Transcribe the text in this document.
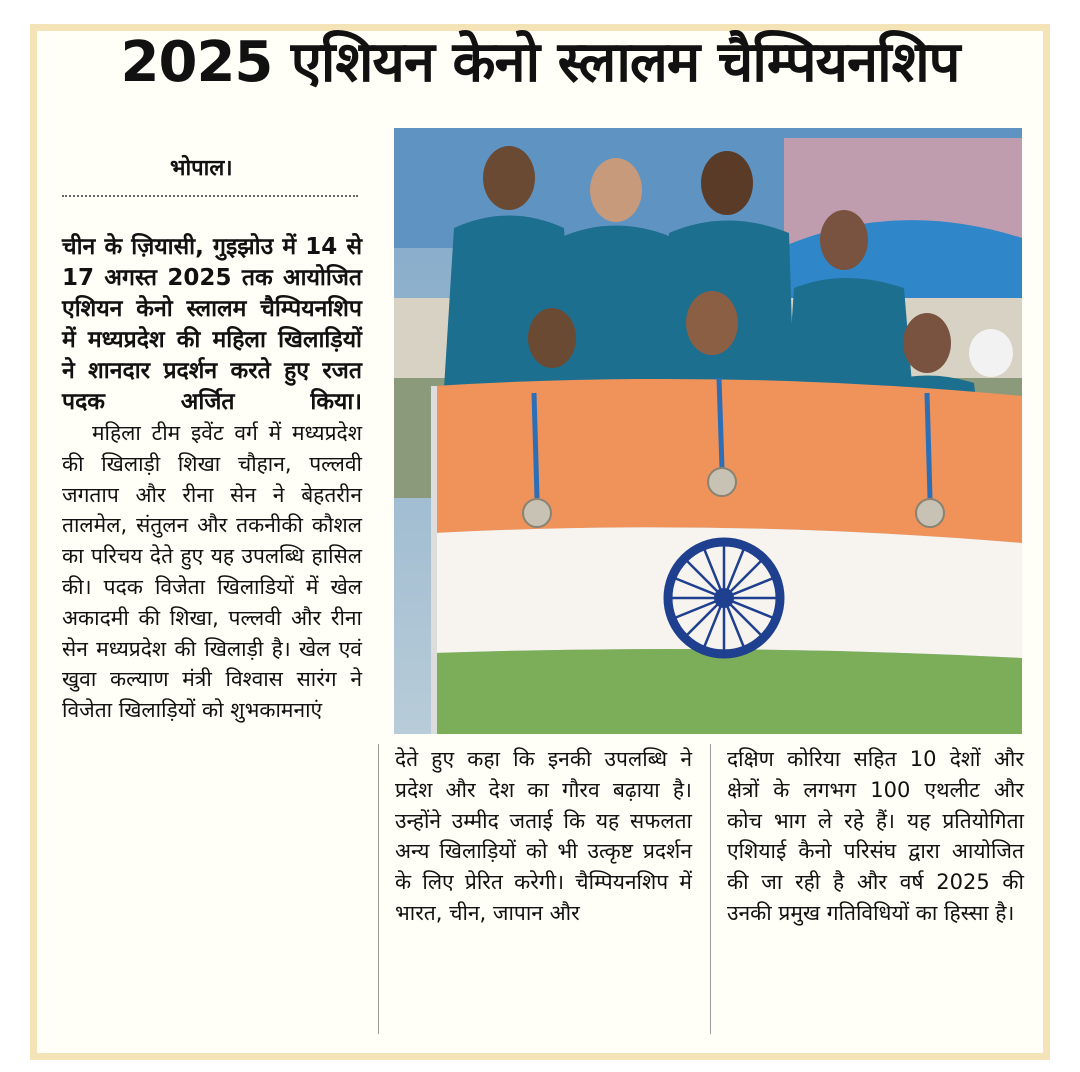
2025 एशियन केनो स्लालम चैम्पियनशिप
भोपाल।

चीन के ज़ियासी, गुइझोउ में 14 से 17 अगस्त 2025 तक आयोजित एशियन केनो स्लालम चैम्पियनशिप में मध्यप्रदेश की महिला खिलाड़ियों ने शानदार प्रदर्शन करते हुए रजत पदक अर्जित किया।

महिला टीम इवेंट वर्ग में मध्यप्रदेश की खिलाड़ी शिखा चौहान, पल्लवी जगताप और रीना सेन ने बेहतरीन तालमेल, संतुलन और तकनीकी कौशल का परिचय देते हुए यह उपलब्धि हासिल की। पदक विजेता खिलाडियों में खेल अकादमी की शिखा, पल्लवी और रीना सेन मध्यप्रदेश की खिलाड़ी है। खेल एवं खुवा कल्याण मंत्री विश्वास सारंग ने विजेता खिलाड़ियों को शुभकामनाएं

देते हुए कहा कि इनकी उपलब्धि ने प्रदेश और देश का गौरव बढ़ाया है। उन्होंने उम्मीद जताई कि यह सफलता अन्य खिलाड़ियों को भी उत्कृष्ट प्रदर्शन के लिए प्रेरित करेगी। चैम्पियनशिप में भारत, चीन, जापान और

दक्षिण कोरिया सहित 10 देशों और क्षेत्रों के लगभग 100 एथलीट और कोच भाग ले रहे हैं। यह प्रतियोगिता एशियाई कैनो परिसंघ द्वारा आयोजित की जा रही है और वर्ष 2025 की उनकी प्रमुख गतिविधियों का हिस्सा है।
